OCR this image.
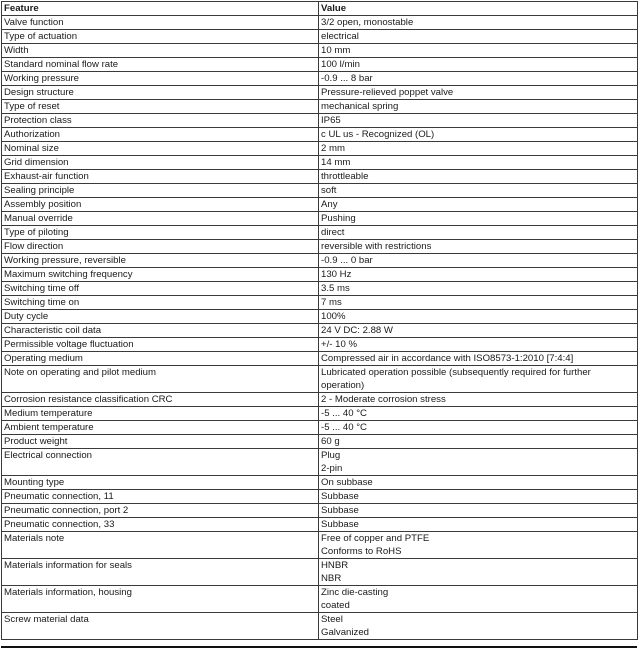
Feature	Value
Valve function	3/2 open, monostable

Type of actuation	electrical

Width	10 mm

Standard nominal flow rate	100 l/min

Working pressure	-0.9 ... 8 bar

Design structure	Pressure-relieved poppet valve

Type of reset	mechanical spring

Protection class	IP65

Authorization	c UL us - Recognized (OL)

Nominal size	2 mm

Grid dimension	14 mm

Exhaust-air function	throttleable

Sealing principle	soft

Assembly position	Any

Manual override	Pushing

Type of piloting	direct

Flow direction	reversible with restrictions

Working pressure, reversible	-0.9 ... 0 bar

Maximum switching frequency	130 Hz

Switching time off	3.5 ms

Switching time on	7 ms

Duty cycle	100%

Characteristic coil data	24 V DC: 2.88 W

Permissible voltage fluctuation	+/- 10 %

Operating medium	Compressed air in accordance with ISO8573-1:2010 [7:4:4]

Note on operating and pilot medium	Lubricated operation possible (subsequently required for further
operation)

Corrosion resistance classification CRC	2 - Moderate corrosion stress

Medium temperature	-5 ... 40 °C

Ambient temperature	-5 ... 40 °C

Product weight	60 g

Electrical connection	Plug
2-pin

Mounting type	On subbase

Pneumatic connection, 11	Subbase

Pneumatic connection, port 2	Subbase

Pneumatic connection, 33	Subbase

Materials note	Free of copper and PTFE
Conforms to RoHS

Materials information for seals	HNBR
NBR

Materials information, housing	Zinc die-casting
coated

Screw material data	Steel
Galvanized
